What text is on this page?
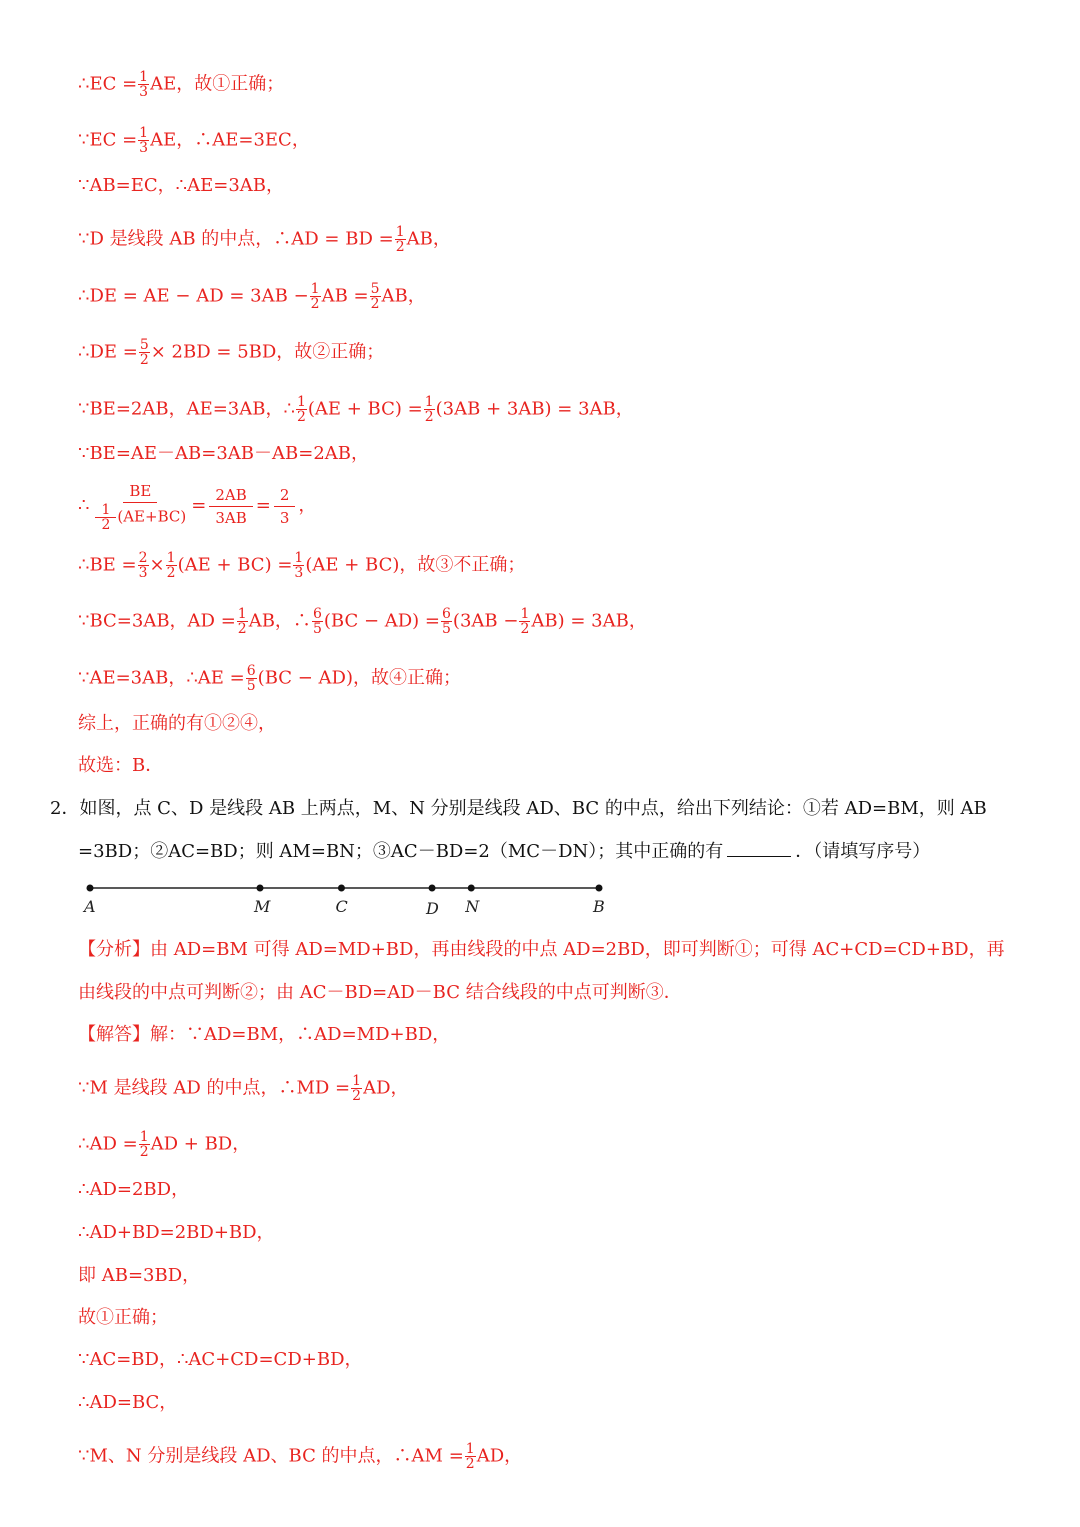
∴EC = $\frac{1}{3}$ AE，故①正确；
∵EC = $\frac{1}{3}$ AE，∴AE=3EC，
∵AB=EC，∴AE=3AB，
∵D 是线段 AB 的中点，∴AD = BD = $\frac{1}{2}$ AB，
∴DE = AE − AD = $3AB - \frac{1}{2}$ AB = $\frac{5}{2}$ AB，
∴DE = $\frac{5}{2} \times 2BD = 5BD$，故②正确；
∵BE=2AB，AE=3AB，∴ $\frac{1}{2} (AE + BC) = \frac{1}{2} (3AB + 3AB) = 3AB$，
∵BE=AE－AB=3AB－AB=2AB，
∴ $\frac{BE}{\frac{1}{2} (AE+BC)} = \frac{2AB}{3AB} = \frac{2}{3}$ ，
∴BE = $\frac{2}{3} \times \frac{1}{2} (AE + BC) = \frac{1}{3} (AE + BC)$，故③不正确；
∵BC=3AB，AD = $\frac{1}{2}$ AB，∴ $\frac{6}{5} (BC - AD) = \frac{6}{5} (3AB - \frac{1}{2} AB) = 3AB$，
∵AE=3AB，∴AE = $\frac{6}{5} (BC - AD)$，故④正确；
综上，正确的有①②④，
故选：B．
2．如图，点 C、D 是线段 AB 上两点，M、N 分别是线段 AD、BC 的中点，给出下列结论：①若 AD=BM，则 AB
=3BD；②AC=BD；则 AM=BN；③AC－BD=2（MC－DN）；其中正确的有	．（请填写序号）
A	M	C	D N	B
【分析】由 AD=BM 可得 AD=MD+BD，再由线段的中点 AD=2BD，即可判断①；可得 AC+CD=CD+BD，再
由线段的中点可判断②；由 AC－BD=AD－BC 结合线段的中点可判断③．
【解答】解：∵AD=BM，∴AD=MD+BD，
∵M 是线段 AD 的中点，∴MD = $\frac{1}{2}$ AD，
∴AD = $\frac{1}{2}$ AD + BD，
∴AD=2BD，
∴AD+BD=2BD+BD，
即 AB=3BD，
故①正确；
∵AC=BD，∴AC+CD=CD+BD，
∴AD=BC，
∵M、N 分别是线段 AD、BC 的中点，∴AM = $\frac{1}{2}$ AD，
